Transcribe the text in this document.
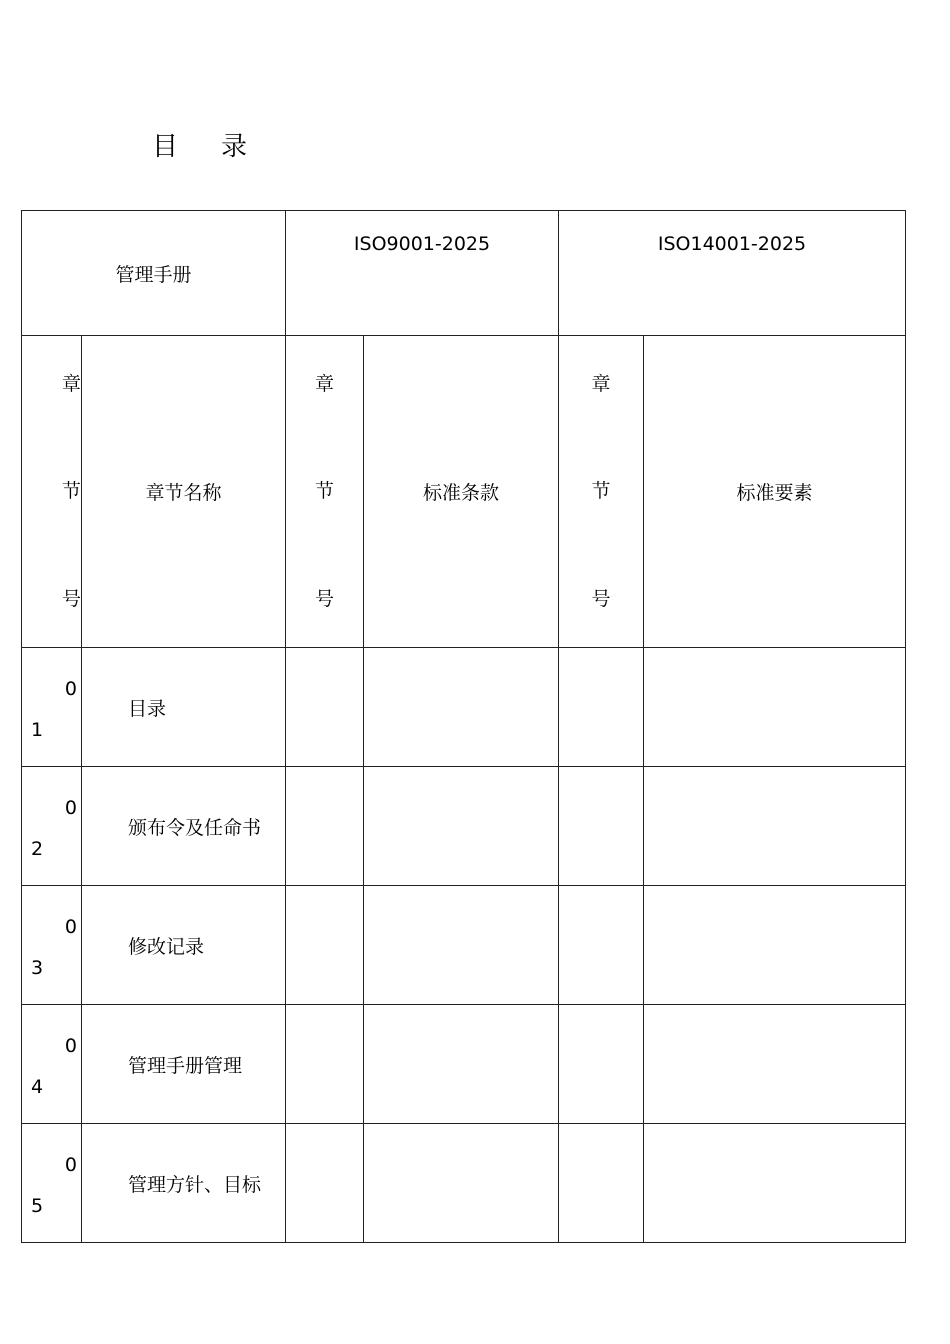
目    录
管理手册		ISO9001-2025		ISO14001-2025	

章
节
号	章节名称	章
节
号	标准条款	章
节
号	标准要素

0
1	目录				

0
2	颁布令及任命书				

0
3	修改记录				

0
4	管理手册管理				

0
5	管理方针、目标				
